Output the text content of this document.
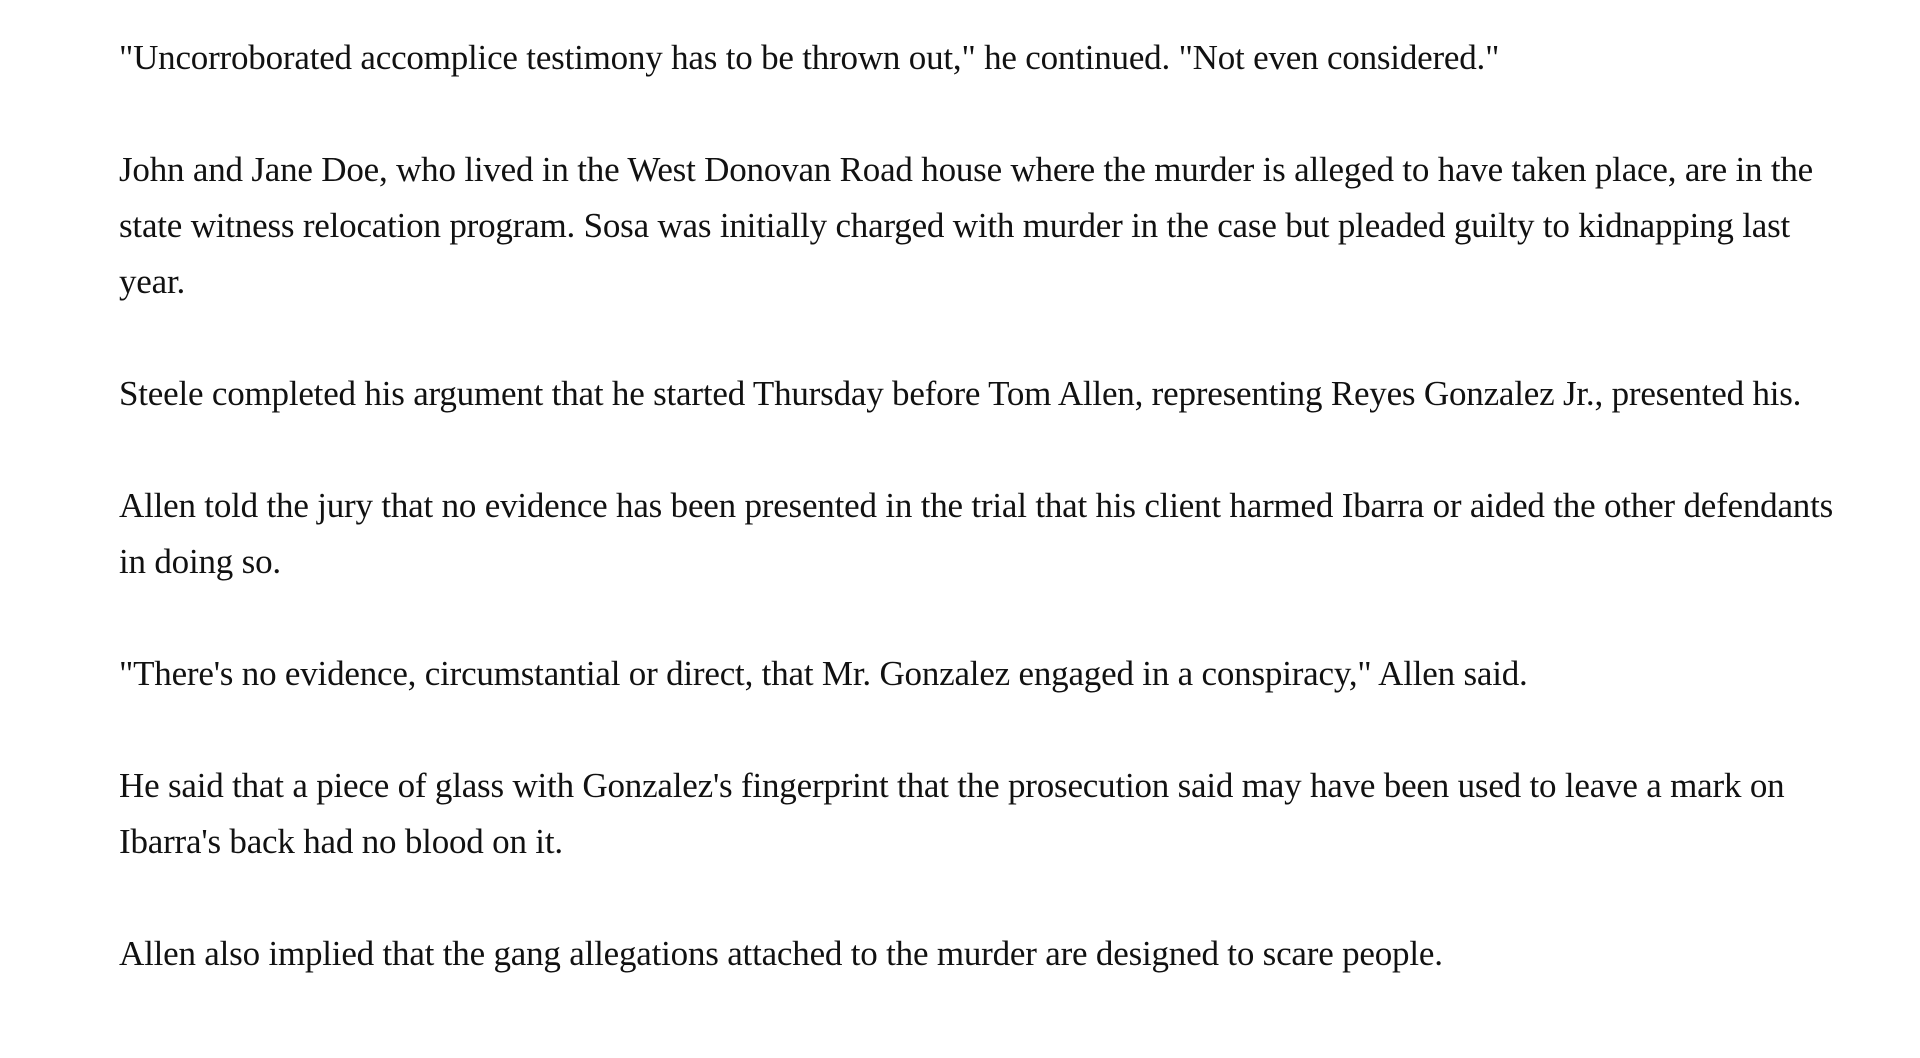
"Uncorroborated accomplice testimony has to be thrown out," he continued. "Not even considered."

John and Jane Doe, who lived in the West Donovan Road house where the murder is alleged to have taken place, are in the state witness relocation program. Sosa was initially charged with murder in the case but pleaded guilty to kidnapping last year.

Steele completed his argument that he started Thursday before Tom Allen, representing Reyes Gonzalez Jr., presented his.

Allen told the jury that no evidence has been presented in the trial that his client harmed Ibarra or aided the other defendants in doing so.

"There's no evidence, circumstantial or direct, that Mr. Gonzalez engaged in a conspiracy," Allen said.

He said that a piece of glass with Gonzalez's fingerprint that the prosecution said may have been used to leave a mark on Ibarra's back had no blood on it.

Allen also implied that the gang allegations attached to the murder are designed to scare people.
